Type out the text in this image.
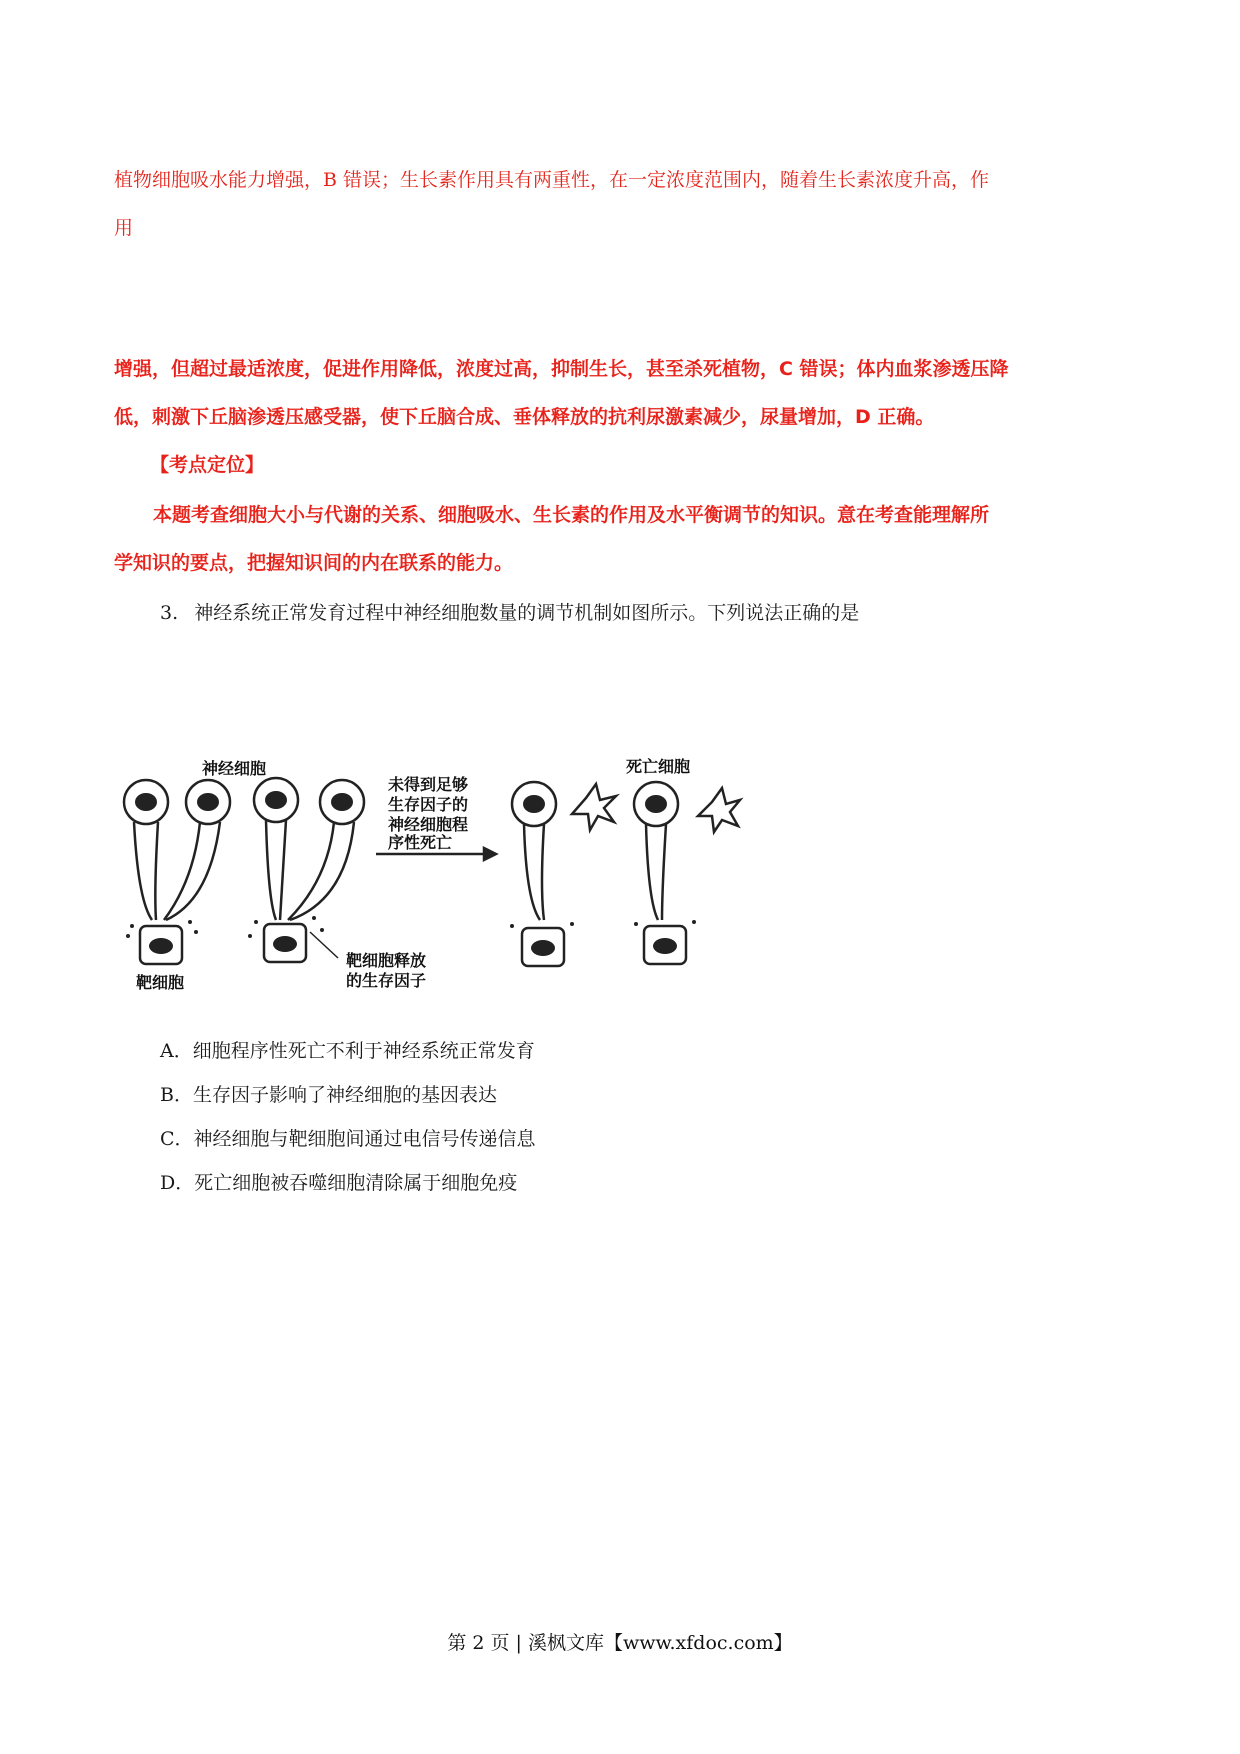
植物细胞吸水能力增强，B 错误；生长素作用具有两重性，在一定浓度范围内，随着生长素浓度升高，作
用
增强，但超过最适浓度，促进作用降低，浓度过高，抑制生长，甚至杀死植物，C 错误；体内血浆渗透压降
低，刺激下丘脑渗透压感受器，使下丘脑合成、垂体释放的抗利尿激素减少，尿量增加，D 正确。
【考点定位】
本题考查细胞大小与代谢的关系、细胞吸水、生长素的作用及水平衡调节的知识。意在考查能理解所
学知识的要点，把握知识间的内在联系的能力。
3. 神经系统正常发育过程中神经细胞数量的调节机制如图所示。下列说法正确的是
神经细胞	死亡细胞
未得到足够
生存因子的
神经细胞程
序性死亡
靶细胞
靶细胞释放
的生存因子
A．细胞程序性死亡不利于神经系统正常发育
B．生存因子影响了神经细胞的基因表达
C．神经细胞与靶细胞间通过电信号传递信息
D．死亡细胞被吞噬细胞清除属于细胞免疫
第 2 页 | 溪枫文库【www.xfdoc.com】
